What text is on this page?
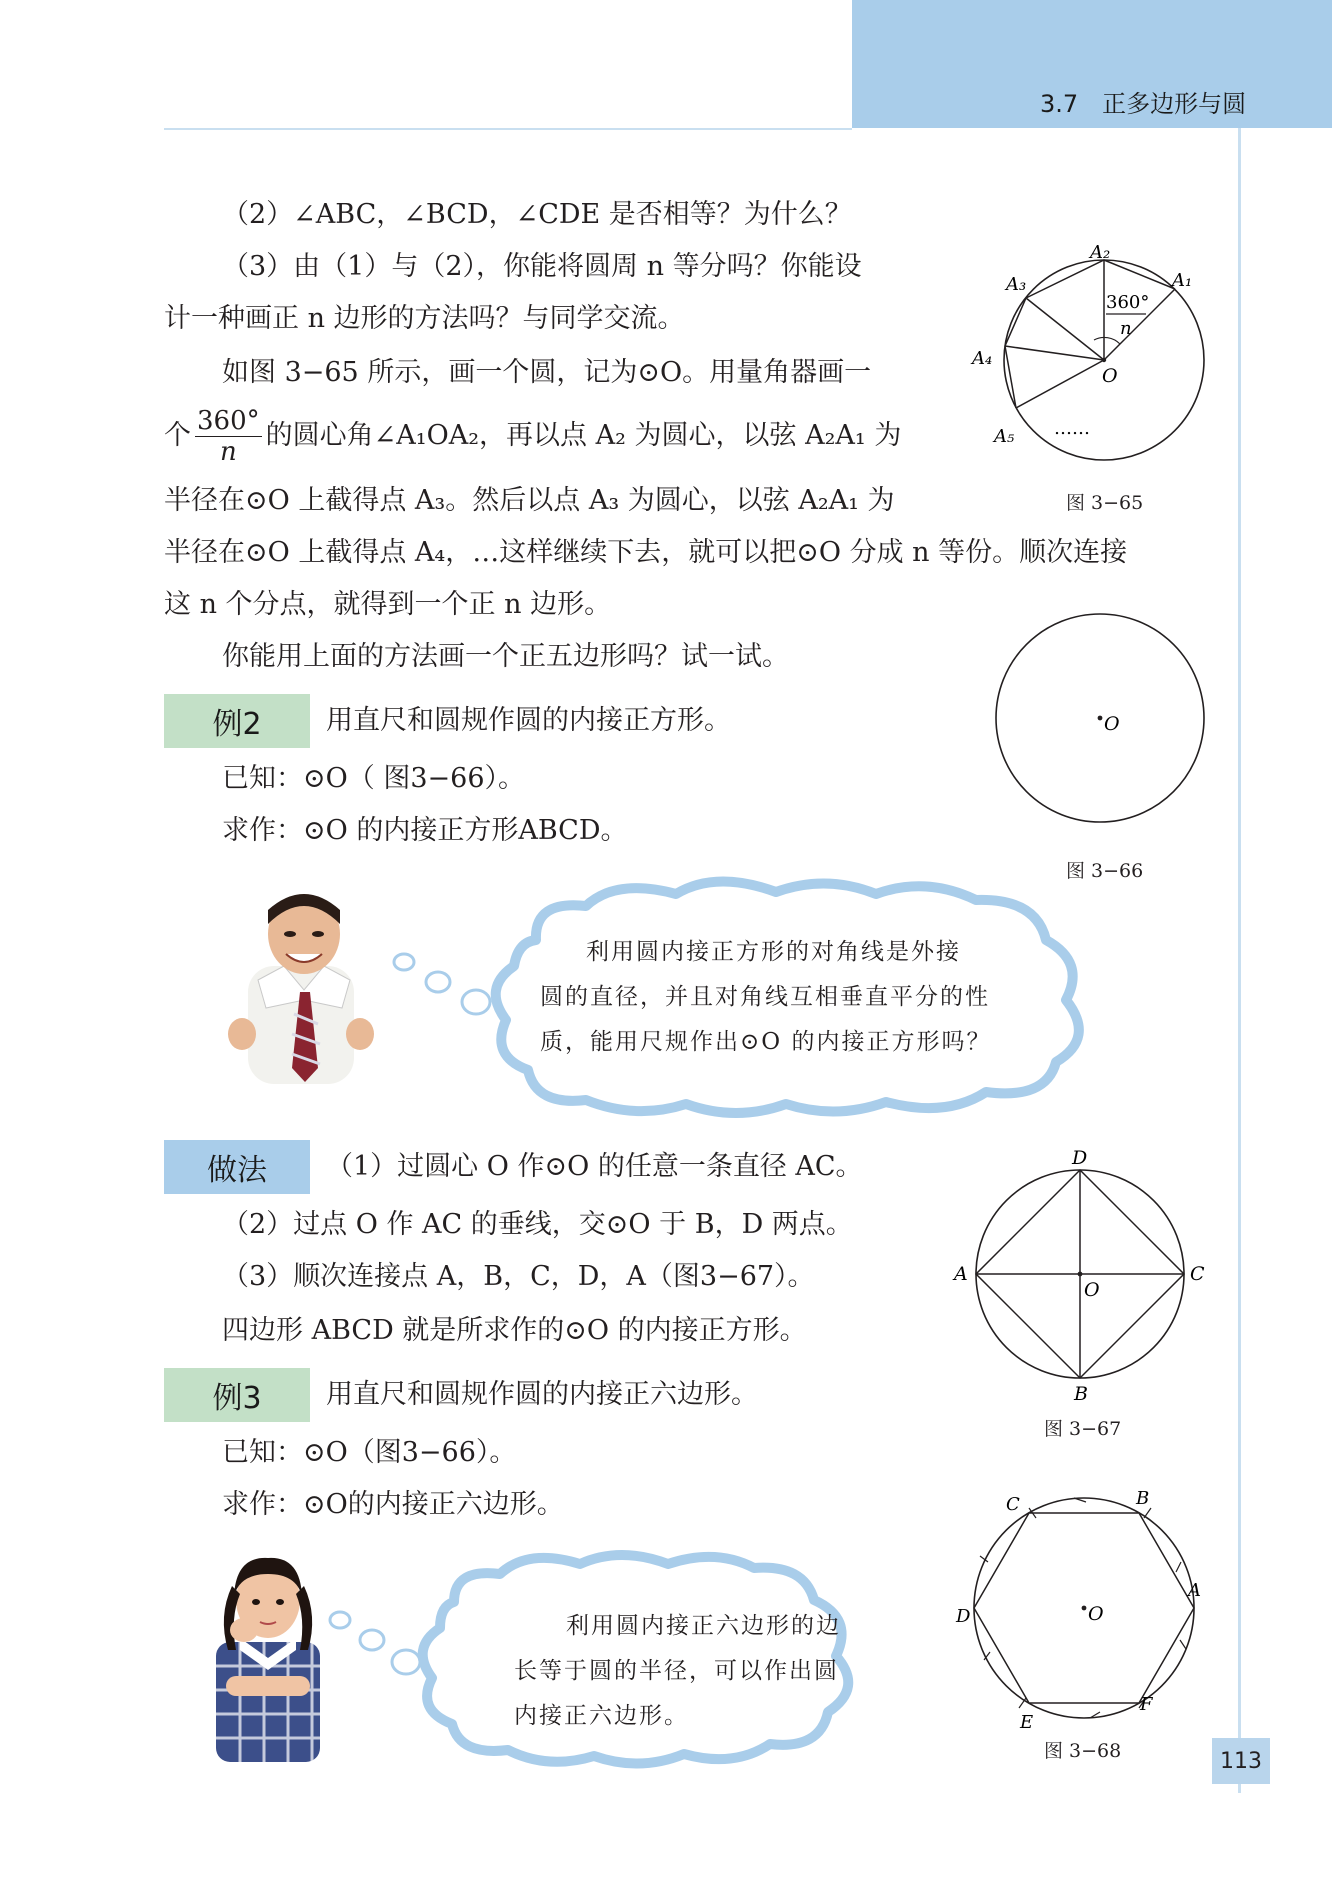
3.7　正多边形与圆
（2）∠ABC，∠BCD，∠CDE 是否相等？为什么？
（3）由（1）与（2），你能将圆周 n 等分吗？你能设
计一种画正 n 边形的方法吗？与同学交流。
如图 3−65 所示，画一个圆，记为⊙O。用量角器画一
个 $\frac{360^\circ}{n}$ 的圆心角∠A₁OA₂，再以点 A₂ 为圆心，以弦 A₂A₁ 为
半径在⊙O 上截得点 A₃。然后以点 A₃ 为圆心，以弦 A₂A₁ 为
半径在⊙O 上截得点 A₄，…这样继续下去，就可以把⊙O 分成 n 等份。顺次连接
这 n 个分点，就得到一个正 n 边形。
你能用上面的方法画一个正五边形吗？试一试。
例2	用直尺和圆规作圆的内接正方形。
已知：⊙O（ 图3−66）。
求作：⊙O 的内接正方形ABCD。
A₂
A₁
A₃
A₄
A₅
O
360°
n
……
图 3−65
O
图 3−66
利用圆内接正方形的对角线是外接
圆的直径，并且对角线互相垂直平分的性
质，能用尺规作出⊙O 的内接正方形吗？
做法	（1）过圆心 O 作⊙O 的任意一条直径 AC。
（2）过点 O 作 AC 的垂线，交⊙O 于 B，D 两点。
（3）顺次连接点 A，B，C，D，A（图3−67）。
四边形 ABCD 就是所求作的⊙O 的内接正方形。
D
A	C
B
O
图 3−67
例3	用直尺和圆规作圆的内接正六边形。
已知：⊙O（图3−66）。
求作：⊙O的内接正六边形。	B
C
A
D
E
F
O
图 3−68
利用圆内接正六边形的边
长等于圆的半径，可以作出圆
内接正六边形。
113
